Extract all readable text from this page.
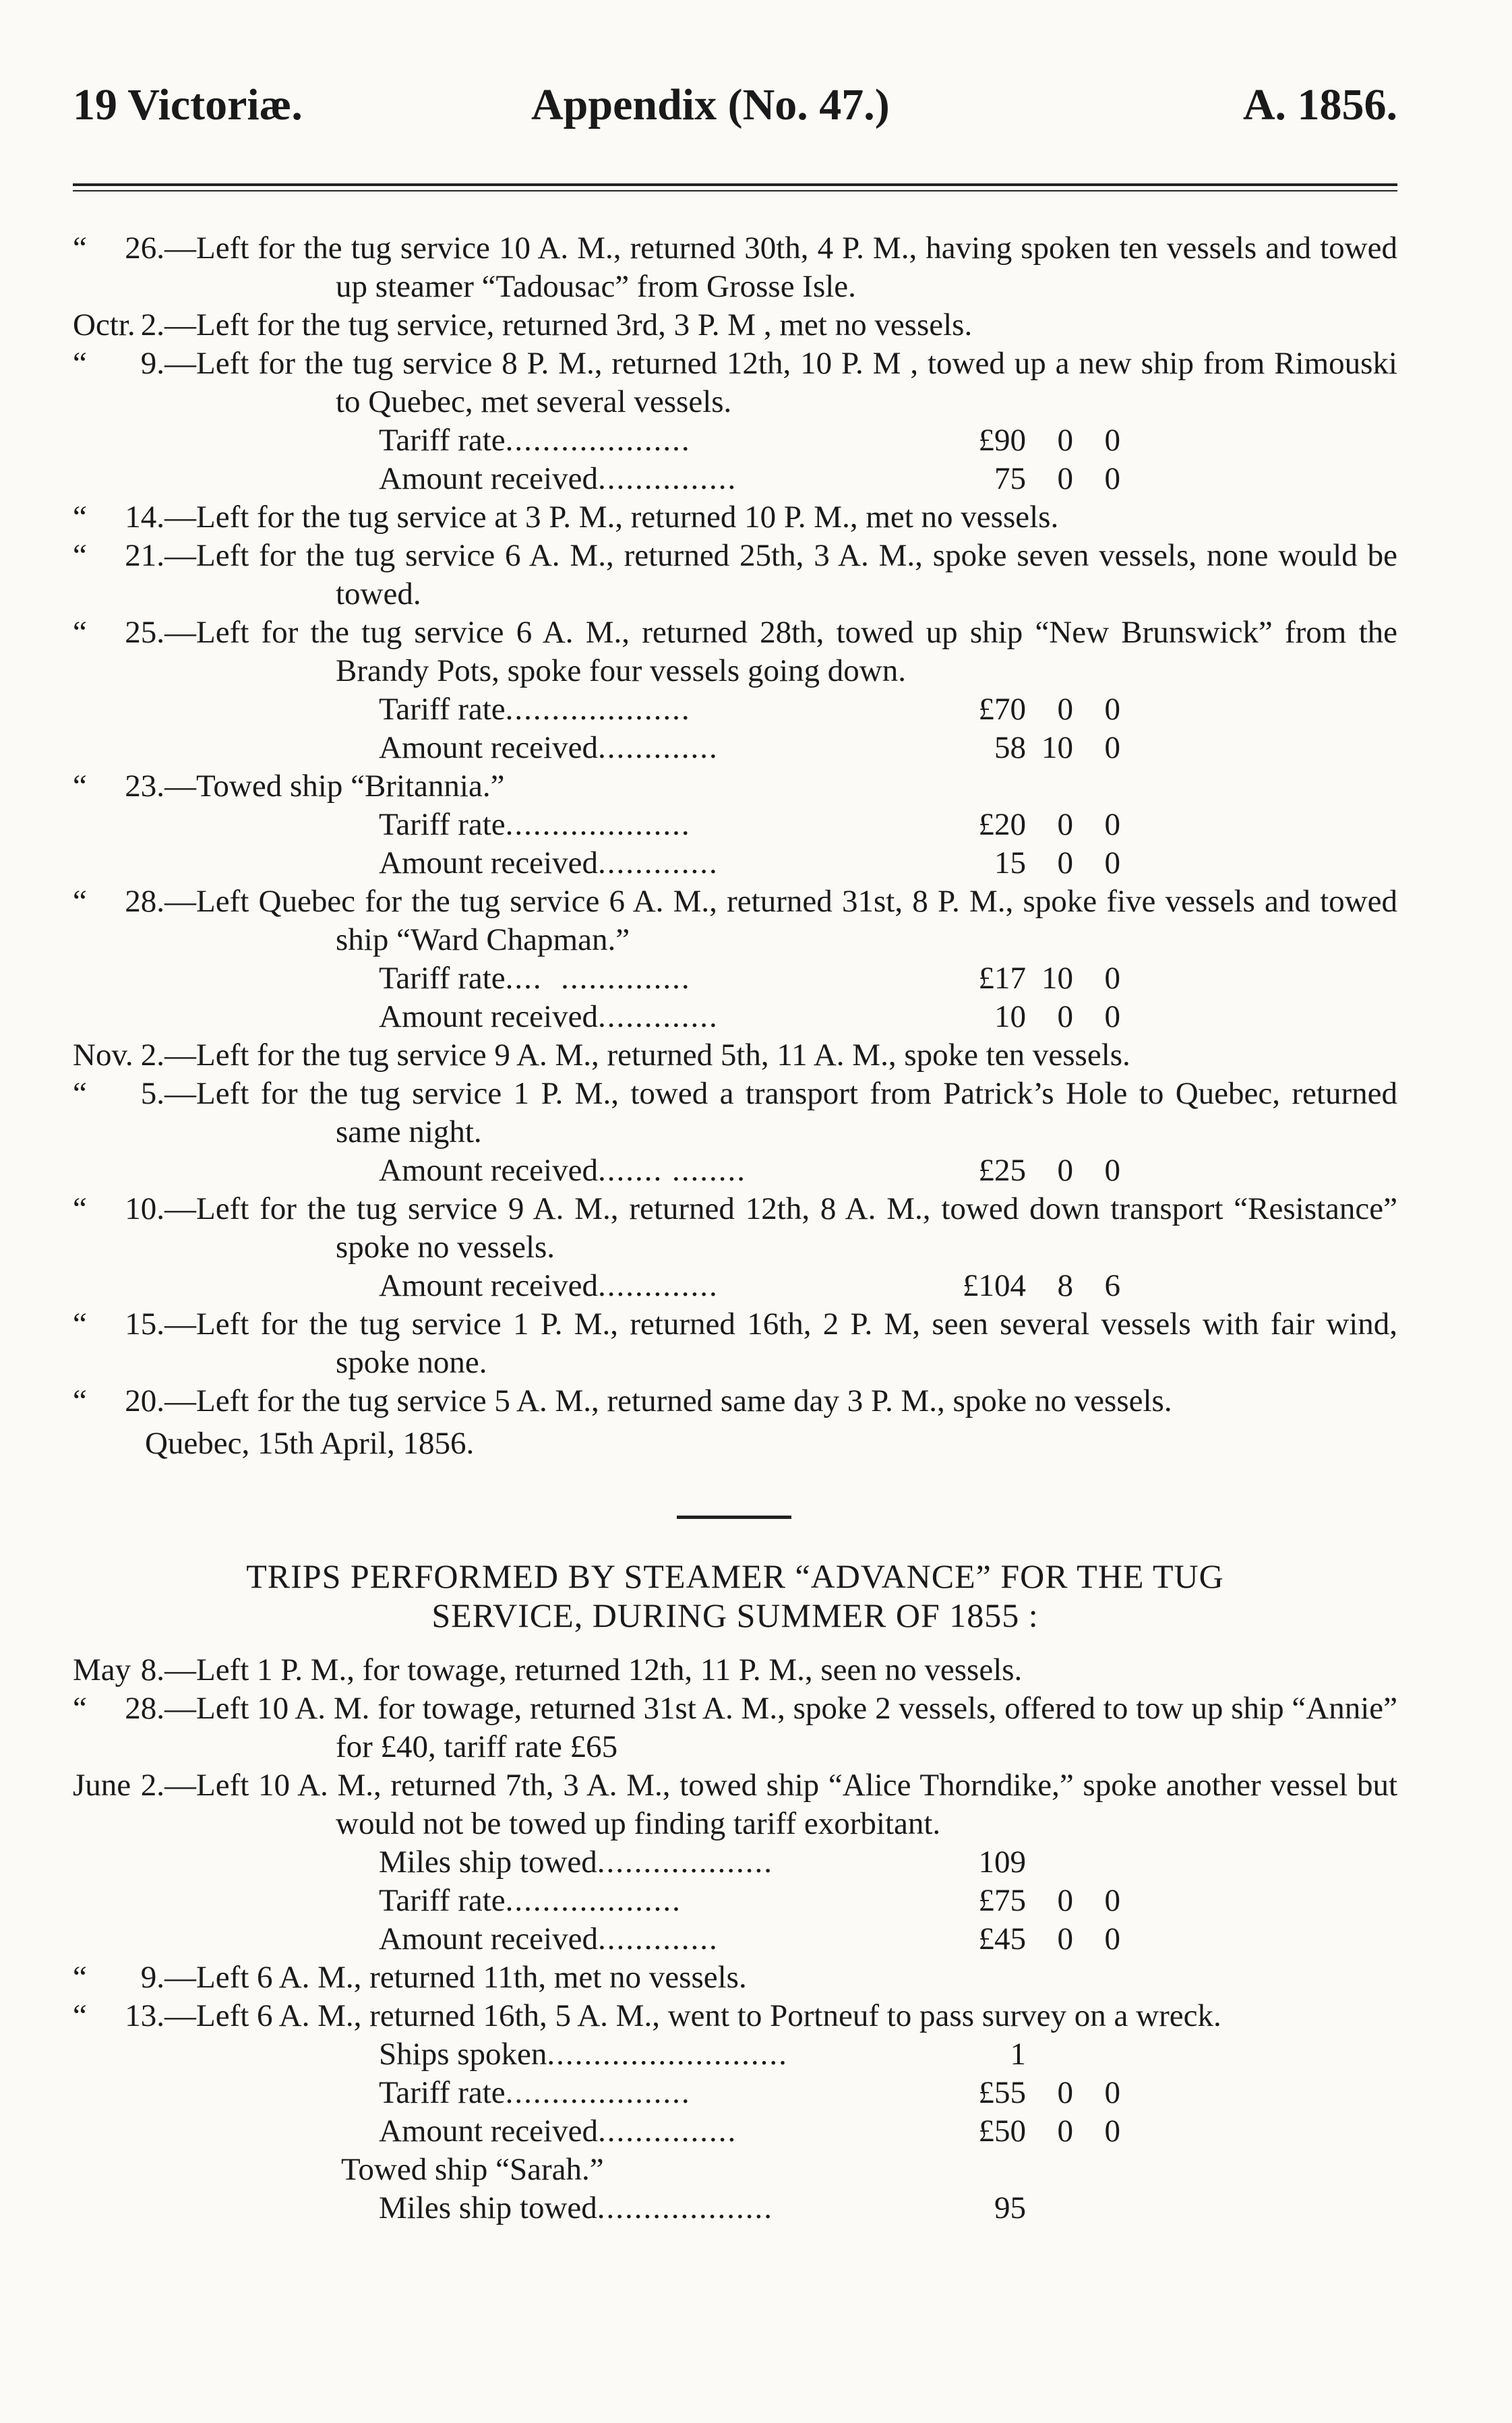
19 Victoriæ.	Appendix (No. 47.)	A. 1856.
“ 26. —Left for the tug service 10 A. M., returned 30th, 4 P. M., having spoken ten vessels and towed up steamer “Tadousac” from Grosse Isle.
Octr. 2. —Left for the tug service, returned 3rd, 3 P. M , met no vessels.
“ 9. —Left for the tug service 8 P. M., returned 12th, 10 P. M , towed up a new ship from Rimouski to Quebec, met several vessels.
Tariff rate....................	£90 0 0
Amount received...............	75 0 0
“ 14. —Left for the tug service at 3 P. M., returned 10 P. M., met no vessels.
“ 21. —Left for the tug service 6 A. M., returned 25th, 3 A. M., spoke seven vessels, none would be towed.
“ 25. —Left for the tug service 6 A. M., returned 28th, towed up ship “New Brunswick” from the Brandy Pots, spoke four vessels going down.
Tariff rate....................	£70 0 0
Amount received.............	58 10 0
“ 23. —Towed ship “Britannia.”
Tariff rate....................	£20 0 0
Amount received.............	15 0 0
“ 28. —Left Quebec for the tug service 6 A. M., returned 31st, 8 P. M., spoke five vessels and towed ship “Ward Chapman.”
Tariff rate....  ..............	£17 10 0
Amount received.............	10 0 0
Nov. 2. —Left for the tug service 9 A. M., returned 5th, 11 A. M., spoke ten vessels.
“ 5. —Left for the tug service 1 P. M., towed a transport from Patrick’s Hole to Quebec, returned same night.
Amount received....... ........	£25 0 0
“ 10. —Left for the tug service 9 A. M., returned 12th, 8 A. M., towed down transport “Resistance” spoke no vessels.
Amount received.............	£104 8 6
“ 15. —Left for the tug service 1 P. M., returned 16th, 2 P. M, seen several vessels with fair wind, spoke none.
“ 20. —Left for the tug service 5 A. M., returned same day 3 P. M., spoke no vessels.
Quebec, 15th April, 1856.
TRIPS PERFORMED BY STEAMER “ADVANCE” FOR THE TUG
SERVICE, DURING SUMMER OF 1855 :
May 8. —Left 1 P. M., for towage, returned 12th, 11 P. M., seen no vessels.
“ 28. —Left 10 A. M. for towage, returned 31st A. M., spoke 2 vessels, offered to tow up ship “Annie” for £40, tariff rate £65
June 2. —Left 10 A. M., returned 7th, 3 A. M., towed ship “Alice Thorndike,” spoke another vessel but would not be towed up finding tariff exorbitant.
Miles ship towed...................	109
Tariff rate...................	£75 0 0
Amount received.............	£45 0 0
“ 9. —Left 6 A. M., returned 11th, met no vessels.
“ 13. —Left 6 A. M., returned 16th, 5 A. M., went to Portneuf to pass survey on a wreck.
Ships spoken..........................	1
Tariff rate....................	£55 0 0
Amount received...............	£50 0 0
Towed ship “Sarah.”
Miles ship towed...................	95
